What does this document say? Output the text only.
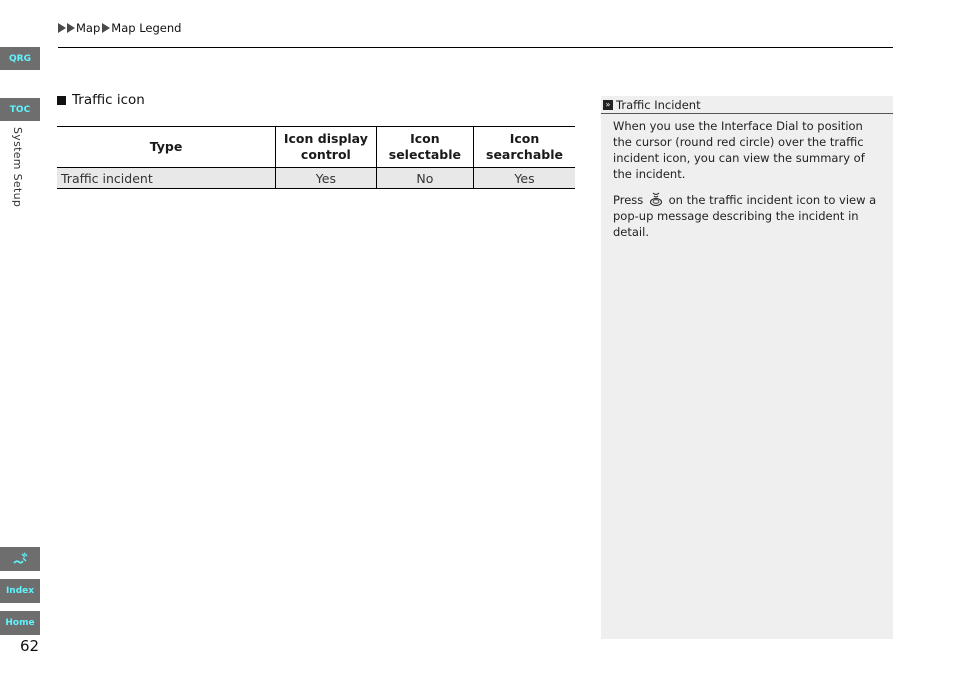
Map Map Legend
QRG
TOC
System Setup
Index
Home
62
Traffic icon
Type	Icon display control	Icon selectable	Icon searchable
Traffic incident	Yes	No	Yes
» Traffic Incident

When you use the Interface Dial to position the cursor (round red circle) over the traffic incident icon, you can view the summary of the incident.

Press on the traffic incident icon to view a pop-up message describing the incident in detail.
